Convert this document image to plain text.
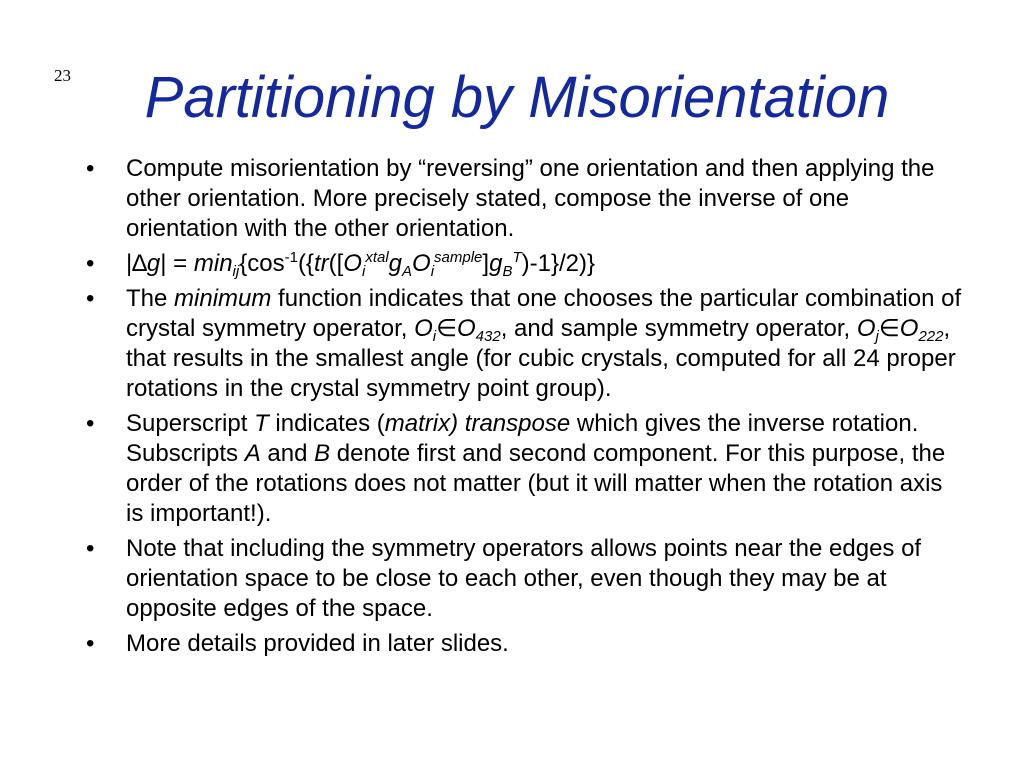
23	Partitioning by Misorientation
• Compute misorientation by “reversing” one orientation and then applying the other orientation. More precisely stated, compose the inverse of one orientation with the other orientation.
• $|\Delta g| = \min_{ij}\{\cos^{-1}(\{tr([O_i^{xtal}g_AO_i^{sample}]g_B^T)-1\}/2)\}$
• The minimum function indicates that one chooses the particular combination of crystal symmetry operator, $O_i\in O_{432}$, and sample symmetry operator, $O_j\in O_{222}$, that results in the smallest angle (for cubic crystals, computed for all 24 proper rotations in the crystal symmetry point group).
• Superscript T indicates (matrix) transpose which gives the inverse rotation. Subscripts A and B denote first and second component. For this purpose, the order of the rotations does not matter (but it will matter when the rotation axis is important!).
• Note that including the symmetry operators allows points near the edges of orientation space to be close to each other, even though they may be at opposite edges of the space.
• More details provided in later slides.
